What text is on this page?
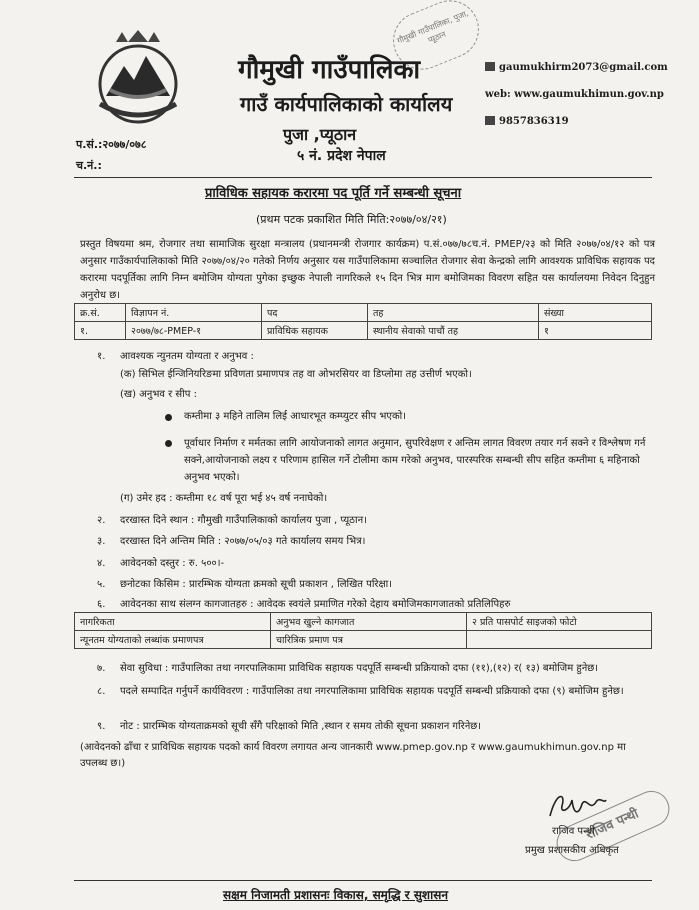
गौमुखी गाउँपालिका, पुजा, प्यूठान
गौमुखी गाउँपालिका
गाउँ कार्यपालिकाको कार्यालय
पुजा ,प्यूठान
५ नं. प्रदेश नेपाल
gaumukhirm2073@gmail.com
web: www.gaumukhimun.gov.np
9857836319
प.सं.:२०७७/०७८
च.नं.:
प्राविधिक सहायक करारमा पद पूर्ति गर्ने सम्बन्धी सूचना
(प्रथम पटक प्रकाशित मिति मिति:२०७७/०४/२१)
प्रस्तुत विषयमा श्रम, रोजगार तथा सामाजिक सुरक्षा मन्त्रालय (प्रधानमन्त्री रोजगार कार्यक्रम) प.सं.०७७/७८च.नं. PMEP/२३ को मिति २०७७/०४/१२ को पत्र अनुसार गाउँकार्यपालिकाको मिति २०७७/०४/२० गतेको निर्णय अनुसार यस गाउँपालिकामा सञ्चालित रोजगार सेवा केन्द्रको लागि आवश्यक प्राविधिक सहायक पद करारमा पदपूर्तिका लागि निम्न बमोजिम योग्यता पुगेका इच्छुक नेपाली नागरिकले १५ दिन भित्र माग बमोजिमका विवरण सहित यस कार्यालयमा निवेदन दिनुहुन अनुरोध छ।
क्र.सं.	विज्ञापन नं.	पद	तह	संख्या
१.	२०७७/७८-PMEP-१	प्राविधिक सहायक	स्थानीय सेवाको पाचौं तह	१
१. आवश्यक न्युनतम योग्यता र अनुभव :
(क) सिभिल ईन्जिनियरिङमा प्रविणता प्रमाणपत्र तह वा ओभरसियर वा डिप्लोमा तह उत्तीर्ण भएको।
(ख) अनुभव र सीप :
कम्तीमा ३ महिने तालिम लिई आधारभूत कम्प्युटर सीप भएको।
पूर्वाधार निर्माण र मर्मतका लागि आयोजनाको लागत अनुमान, सुपरिवेक्षण र अन्तिम लागत विवरण तयार गर्न सक्ने र विश्लेषण गर्न सक्ने,आयोजनाको लक्ष्य र परिणाम हासिल गर्ने टोलीमा काम गरेको अनुभव, पारस्परिक सम्बन्धी सीप सहित कम्तीमा ६ महिनाको अनुभव भएको।
(ग) उमेर हद : कम्तीमा १८ वर्ष पूरा भई ४५ वर्ष ननाघेको।
२. दरखास्त दिने स्थान : गौमुखी गाउँपालिकाको कार्यालय पुजा , प्यूठान।
३. दरखास्त दिने अन्तिम मिति : २०७७/०५/०३ गते कार्यालय समय भित्र।
४. आवेदनको दस्तुर : रु. ५००।-
५. छनोटका किसिम : प्रारम्भिक योग्यता क्रमको सूची प्रकाशन , लिखित परिक्षा।
६. आवेदनका साथ संलग्न कागजातहरु : आवेदक स्वयंले प्रमाणित गरेको देहाय बमोजिमकागजातको प्रतिलिपिहरु
नागरिकता	अनुभव खुल्ने कागजात	२ प्रति पासपोर्ट साइजको फोटो
न्यूनतम योग्यताको लब्धांक प्रमाणपत्र	चारित्रिक प्रमाण पत्र	
७. सेवा सुविधा : गाउँपालिका तथा नगरपालिकामा प्राविधिक सहायक पदपूर्ति सम्बन्धी प्रक्रियाको दफा (११),(१२) र( १३) बमोजिम हुनेछ।
८. पदले सम्पादित गर्नुपर्ने कार्यविवरण : गाउँपालिका तथा नगरपालिकामा प्राविधिक सहायक पदपूर्ति सम्बन्धी प्रक्रियाको दफा (९) बमोजिम हुनेछ।
९. नोट : प्रारम्भिक योग्यताक्रमको सूची सँगै परिक्षाको मिति ,स्थान र समय तोकी सूचना प्रकाशन गरिनेछ।
(आवेदनको ढाँचा र प्राविधिक सहायक पदको कार्य विवरण लगायत अन्य जानकारी www.pmep.gov.np र www.gaumukhimun.gov.np मा उपलब्ध छ।)
राजिव पन्थी
राजिव पन्थी
प्रमुख प्रशासकीय अधिकृत
सक्षम निजामती प्रशासनः विकास, समृद्धि र सुशासन
